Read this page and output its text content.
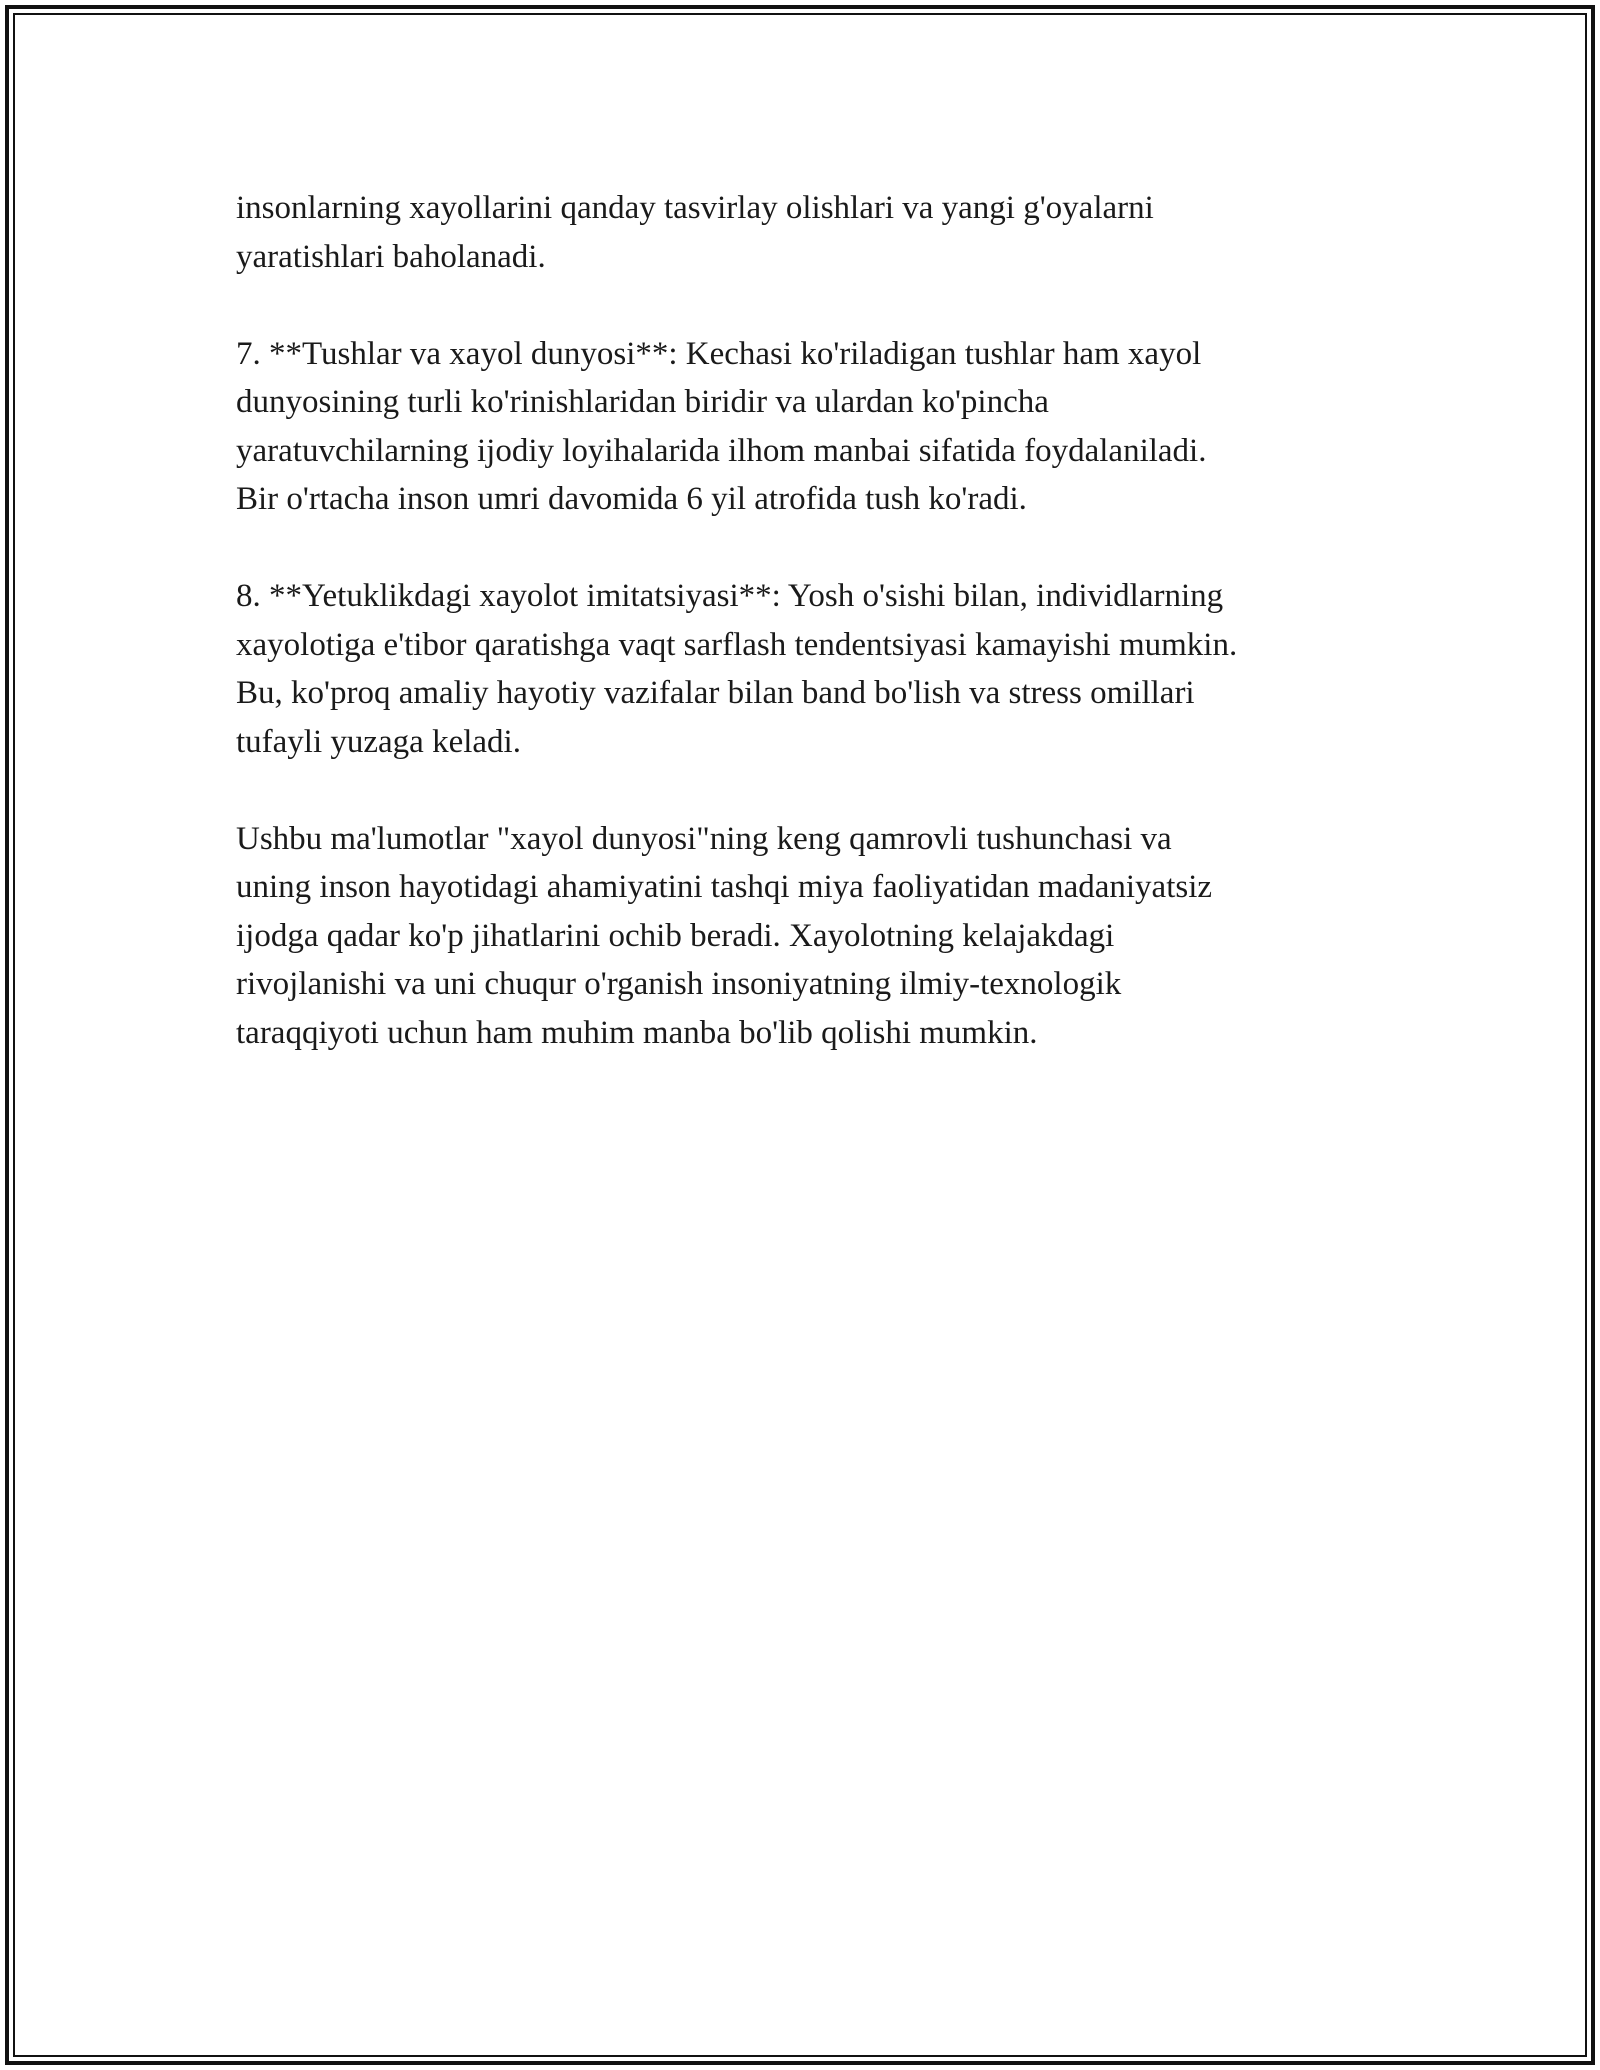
insonlarning xayollarini qanday tasvirlay olishlari va yangi g'oyalarni
yaratishlari baholanadi.

7. **Tushlar va xayol dunyosi**: Kechasi ko'riladigan tushlar ham xayol
dunyosining turli ko'rinishlaridan biridir va ulardan ko'pincha
yaratuvchilarning ijodiy loyihalarida ilhom manbai sifatida foydalaniladi.
Bir o'rtacha inson umri davomida 6 yil atrofida tush ko'radi.

8. **Yetuklikdagi xayolot imitatsiyasi**: Yosh o'sishi bilan, individlarning
xayolotiga e'tibor qaratishga vaqt sarflash tendentsiyasi kamayishi mumkin.
Bu, ko'proq amaliy hayotiy vazifalar bilan band bo'lish va stress omillari
tufayli yuzaga keladi.

Ushbu ma'lumotlar "xayol dunyosi"ning keng qamrovli tushunchasi va
uning inson hayotidagi ahamiyatini tashqi miya faoliyatidan madaniyatsiz
ijodga qadar ko'p jihatlarini ochib beradi. Xayolotning kelajakdagi
rivojlanishi va uni chuqur o'rganish insoniyatning ilmiy-texnologik
taraqqiyoti uchun ham muhim manba bo'lib qolishi mumkin.
